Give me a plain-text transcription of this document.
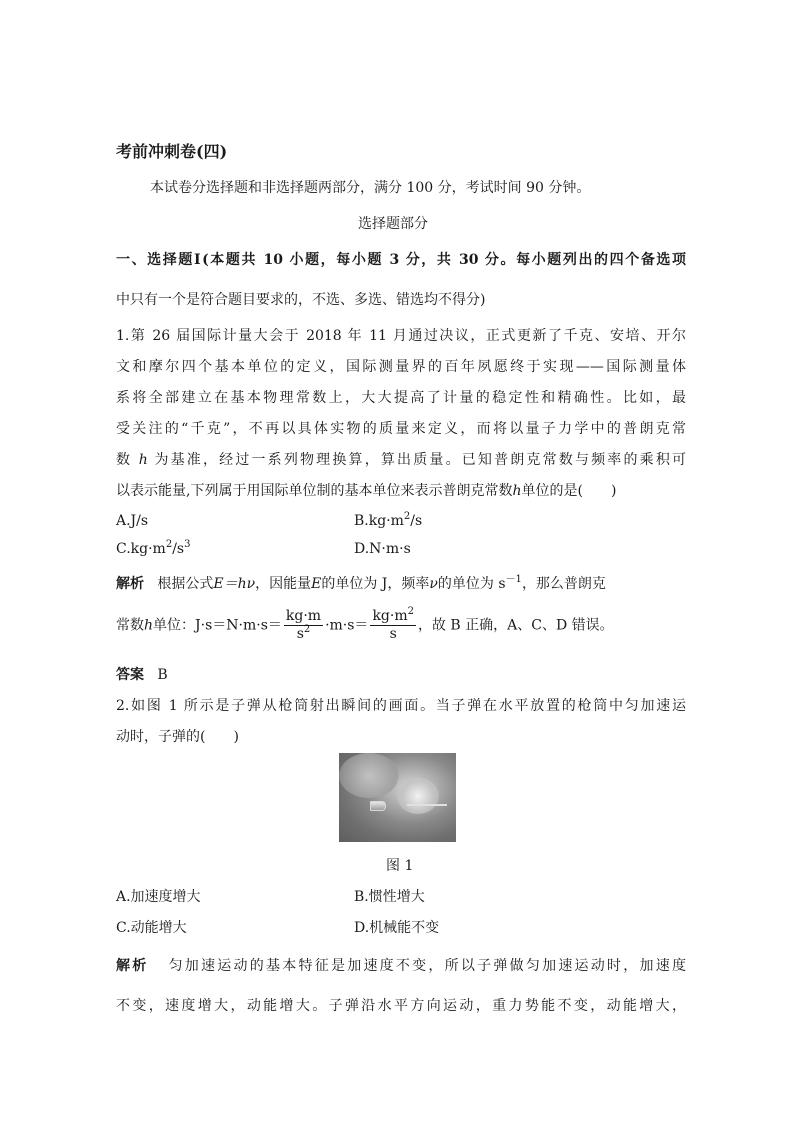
考前冲刺卷(四)
本试卷分选择题和非选择题两部分，满分 100 分，考试时间 90 分钟。
选择题部分
一、选择题Ⅰ(本题共 10 小题，每小题 3 分，共 30 分。每小题列出的四个备选项
中只有一个是符合题目要求的，不选、多选、错选均不得分)
1.第 26 届国际计量大会于 2018 年 11 月通过决议，正式更新了千克、安培、开尔
文和摩尔四个基本单位的定义，国际测量界的百年夙愿终于实现——国际测量体
系将全部建立在基本物理常数上，大大提高了计量的稳定性和精确性。比如，最
受关注的“千克”，不再以具体实物的质量来定义，而将以量子力学中的普朗克常
数 h 为基准，经过一系列物理换算，算出质量。已知普朗克常数与频率的乘积可
以表示能量,下列属于用国际单位制的基本单位来表示普朗克常数h单位的是(　　)
A.J/s	$B.kg\cdot m^2/s$
$C.kg\cdot m^2/s^3$	D.N·m·s
解析 根据公式E＝hν，因能量E的单位为 J，频率ν的单位为 $s^{-1}$，那么普朗克
常数h单位：$J\cdot s=N\cdot m\cdot s= \frac{kg\cdot m}{s^2} \cdot m\cdot s= \frac{kg\cdot m^2}{s}$ ，故 B 正确，A、C、D 错误。
答案 B
2.如图 1 所示是子弹从枪筒射出瞬间的画面。当子弹在水平放置的枪筒中匀加速运
动时，子弹的(　　)
图 1
A.加速度增大	B.惯性增大
C.动能增大	D.机械能不变
解析 匀加速运动的基本特征是加速度不变，所以子弹做匀加速运动时，加速度
不变，速度增大，动能增大。子弹沿水平方向运动，重力势能不变，动能增大，
